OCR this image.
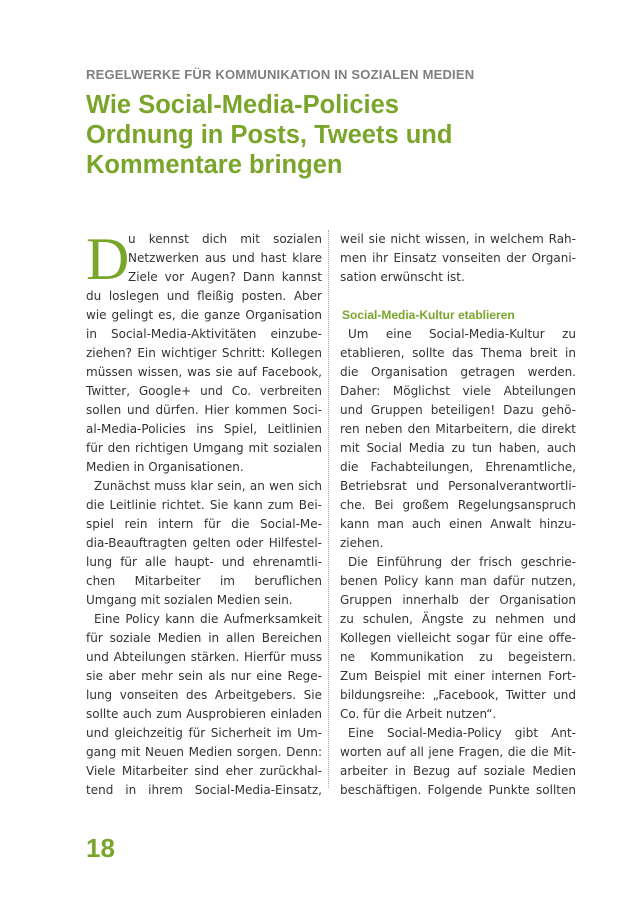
REGELWERKE FÜR KOMMUNIKATION IN SOZIALEN MEDIEN
Wie Social-Media-Policies
Ordnung in Posts, Tweets und
Kommentare bringen
D
u kennst dich mit sozialen
Netzwerken aus und hast klare
Ziele vor Augen? Dann kannst

du loslegen und fleißig posten. Aber
wie gelingt es, die ganze Organisation
in Social-Media-Aktivitäten einzube-
ziehen? Ein wichtiger Schritt: Kollegen
müssen wissen, was sie auf Facebook,
Twitter, Google+ und Co. verbreiten
sollen und dürfen. Hier kommen Soci-
al-Media-Policies ins Spiel, Leitlinien
für den richtigen Umgang mit sozialen
Medien in Organisationen.

Zunächst muss klar sein, an wen sich
die Leitlinie richtet. Sie kann zum Bei-
spiel rein intern für die Social-Me-
dia-Beauftragten gelten oder Hilfestel-
lung für alle haupt- und ehrenamtli-
chen Mitarbeiter im beruflichen
Umgang mit sozialen Medien sein.

Eine Policy kann die Aufmerksamkeit
für soziale Medien in allen Bereichen
und Abteilungen stärken. Hierfür muss
sie aber mehr sein als nur eine Rege-
lung vonseiten des Arbeitgebers. Sie
sollte auch zum Ausprobieren einladen
und gleichzeitig für Sicherheit im Um-
gang mit Neuen Medien sorgen. Denn:
Viele Mitarbeiter sind eher zurückhal-
tend in ihrem Social-Media-Einsatz,

weil sie nicht wissen, in welchem Rah-
men ihr Einsatz vonseiten der Organi-
sation erwünscht ist.

Social-Media-Kultur etablieren

Um eine Social-Media-Kultur zu
etablieren, sollte das Thema breit in
die Organisation getragen werden.
Daher: Möglichst viele Abteilungen
und Gruppen beteiligen! Dazu gehö-
ren neben den Mitarbeitern, die direkt
mit Social Media zu tun haben, auch
die Fachabteilungen, Ehrenamtliche,
Betriebsrat und Personalverantwortli-
che. Bei großem Regelungsanspruch
kann man auch einen Anwalt hinzu-
ziehen.

Die Einführung der frisch geschrie-
benen Policy kann man dafür nutzen,
Gruppen innerhalb der Organisation
zu schulen, Ängste zu nehmen und
Kollegen vielleicht sogar für eine offe-
ne Kommunikation zu begeistern.
Zum Beispiel mit einer internen Fort-
bildungsreihe: „Facebook, Twitter und
Co. für die Arbeit nutzen“.

Eine Social-Media-Policy gibt Ant-
worten auf all jene Fragen, die die Mit-
arbeiter in Bezug auf soziale Medien
beschäftigen. Folgende Punkte sollten

18
